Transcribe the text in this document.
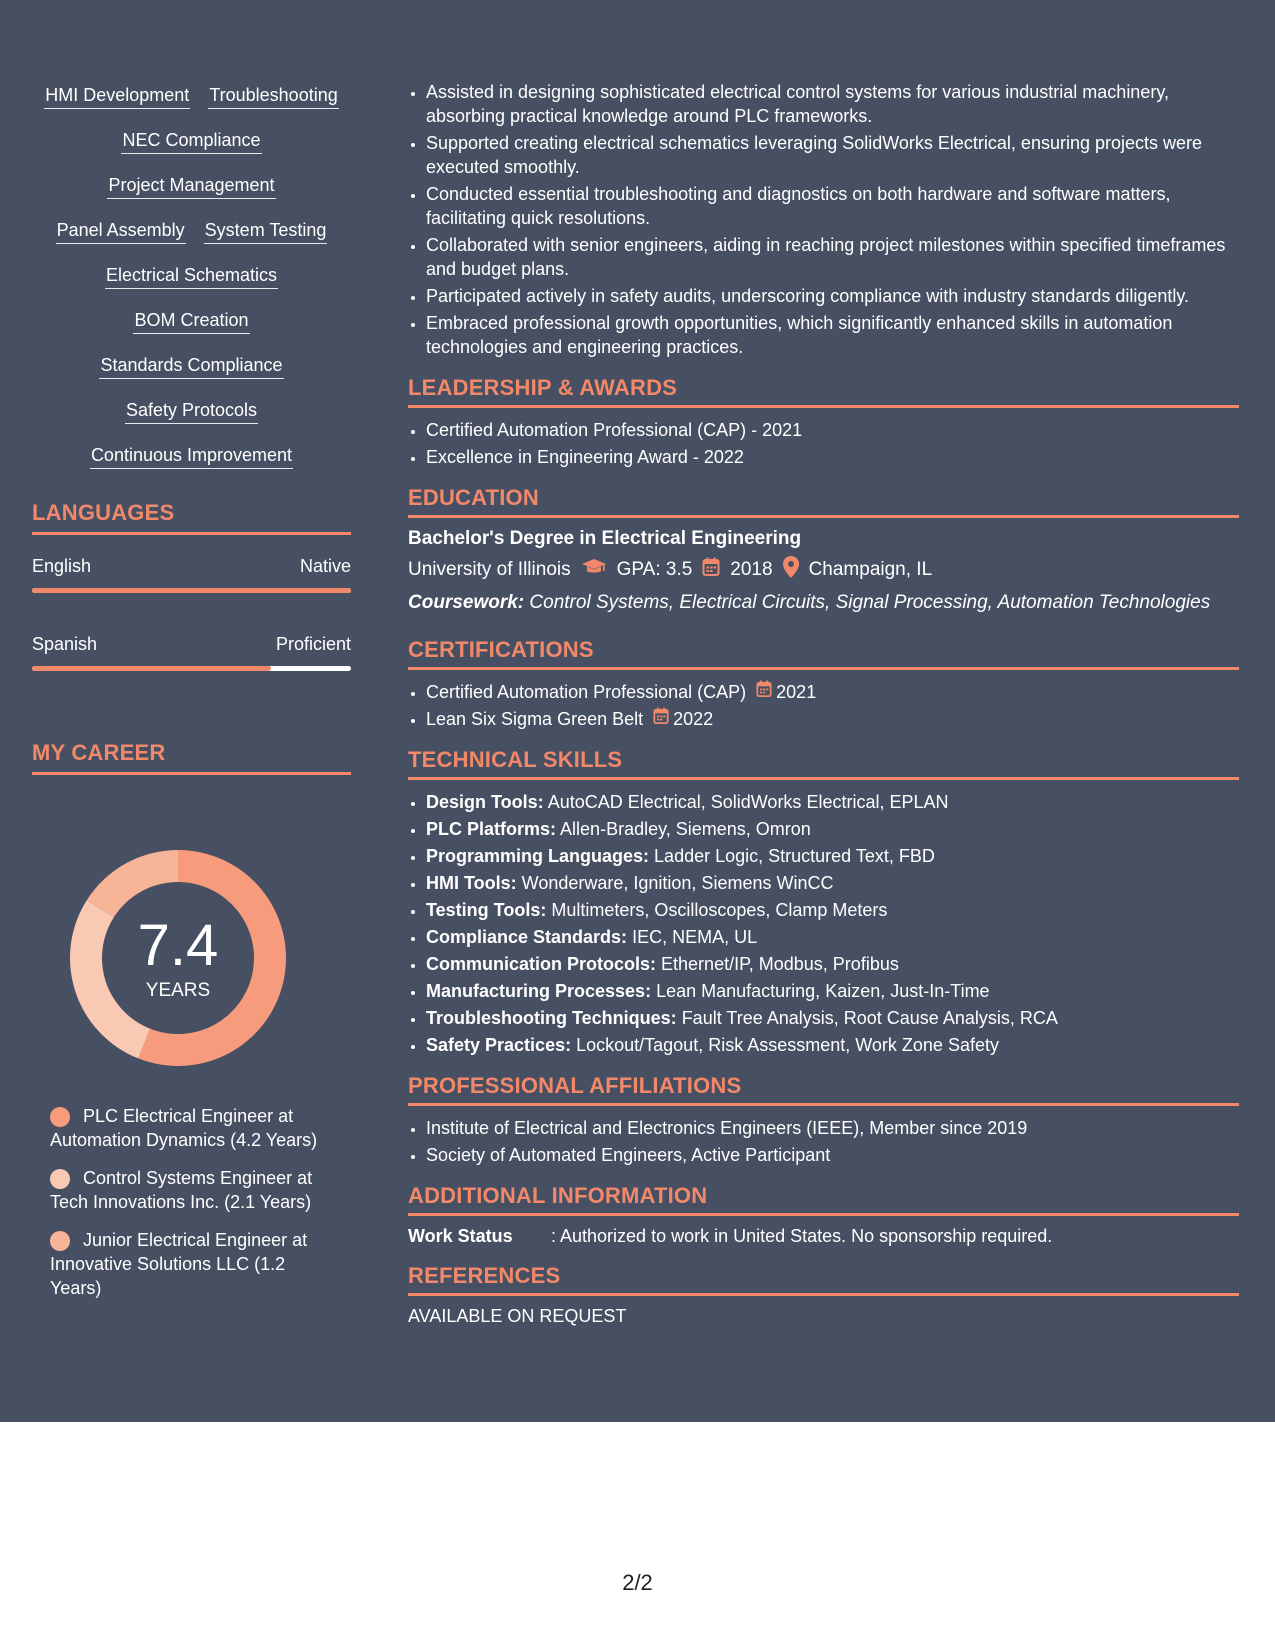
HMI Development Troubleshooting
NEC Compliance
Project Management
Panel Assembly System Testing
Electrical Schematics
BOM Creation
Standards Compliance
Safety Protocols
Continuous Improvement
LANGUAGES
English	Native
Spanish	Proficient
MY CAREER
7.4
YEARS
PLC Electrical Engineer at Automation Dynamics (4.2 Years)
Control Systems Engineer at Tech Innovations Inc. (2.1 Years)
Junior Electrical Engineer at Innovative Solutions LLC (1.2 Years)
• Assisted in designing sophisticated electrical control systems for various industrial machinery, absorbing practical knowledge around PLC frameworks.
• Supported creating electrical schematics leveraging SolidWorks Electrical, ensuring projects were executed smoothly.
• Conducted essential troubleshooting and diagnostics on both hardware and software matters, facilitating quick resolutions.
• Collaborated with senior engineers, aiding in reaching project milestones within specified timeframes and budget plans.
• Participated actively in safety audits, underscoring compliance with industry standards diligently.
• Embraced professional growth opportunities, which significantly enhanced skills in automation technologies and engineering practices.
LEADERSHIP & AWARDS
• Certified Automation Professional (CAP) - 2021
• Excellence in Engineering Award - 2022
EDUCATION
Bachelor's Degree in Electrical Engineering
University of Illinois GPA: 3.5 2018 Champaign, IL
Coursework: Control Systems, Electrical Circuits, Signal Processing, Automation Technologies
CERTIFICATIONS
• Certified Automation Professional (CAP) 2021
• Lean Six Sigma Green Belt 2022
TECHNICAL SKILLS
• Design Tools: AutoCAD Electrical, SolidWorks Electrical, EPLAN
• PLC Platforms: Allen-Bradley, Siemens, Omron
• Programming Languages: Ladder Logic, Structured Text, FBD
• HMI Tools: Wonderware, Ignition, Siemens WinCC
• Testing Tools: Multimeters, Oscilloscopes, Clamp Meters
• Compliance Standards: IEC, NEMA, UL
• Communication Protocols: Ethernet/IP, Modbus, Profibus
• Manufacturing Processes: Lean Manufacturing, Kaizen, Just-In-Time
• Troubleshooting Techniques: Fault Tree Analysis, Root Cause Analysis, RCA
• Safety Practices: Lockout/Tagout, Risk Assessment, Work Zone Safety
PROFESSIONAL AFFILIATIONS
• Institute of Electrical and Electronics Engineers (IEEE), Member since 2019
• Society of Automated Engineers, Active Participant
ADDITIONAL INFORMATION
Work Status	: Authorized to work in United States. No sponsorship required.
REFERENCES
AVAILABLE ON REQUEST
2/2
